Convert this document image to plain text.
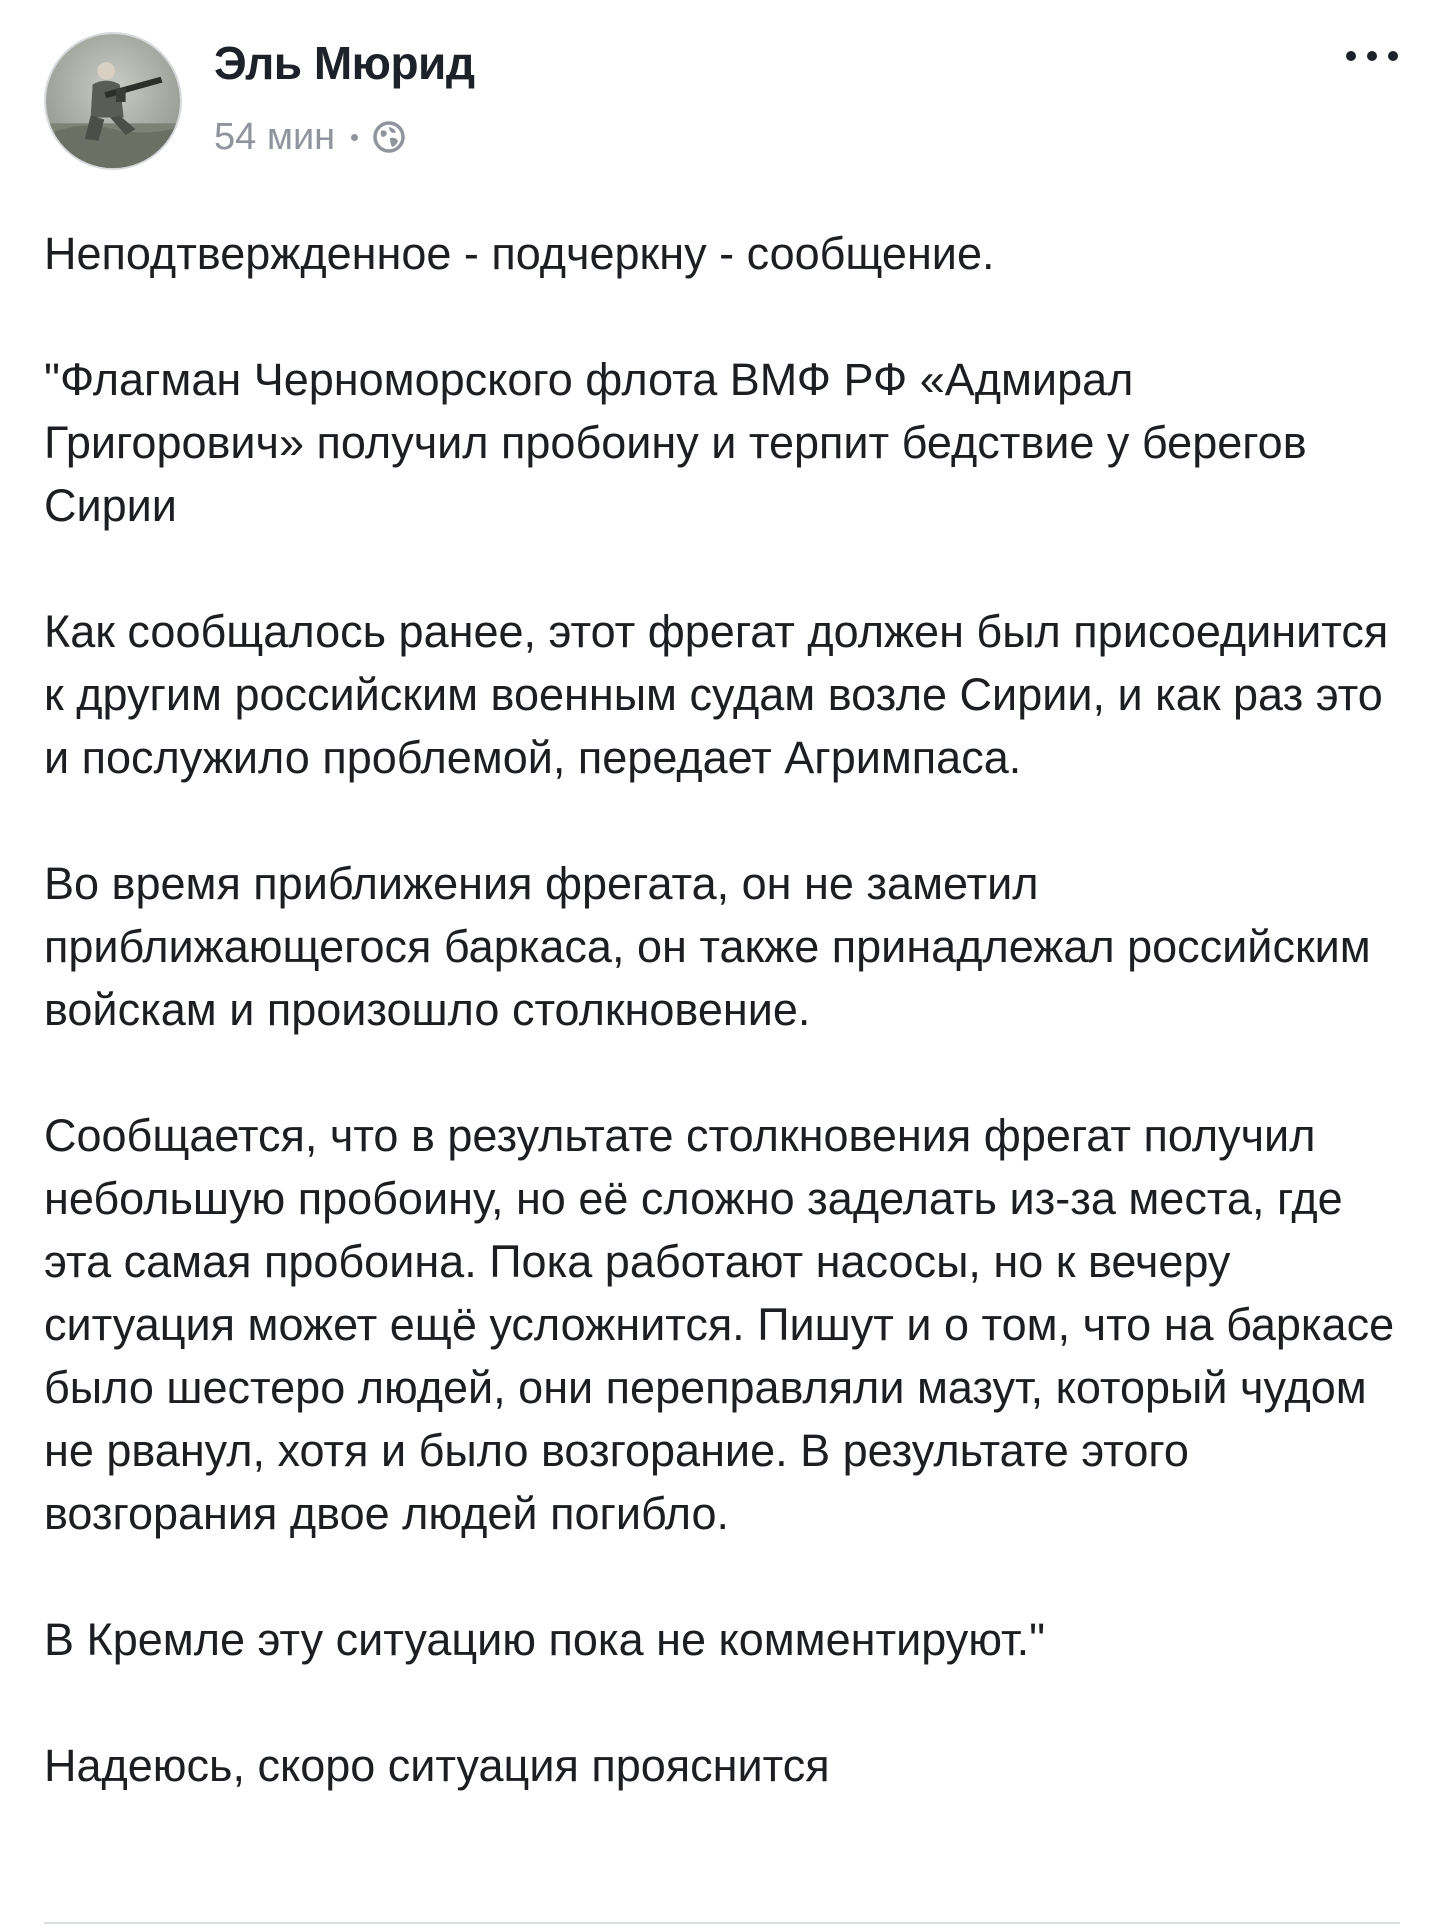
Эль Мюрид
54 мин

Неподтвержденное - подчеркну - сообщение.

"Флагман Черноморского флота ВМФ РФ «Адмирал Григорович» получил пробоину и терпит бедствие у берегов Сирии

Как сообщалось ранее, этот фрегат должен был присоединится к другим российским военным судам возле Сирии, и как раз это и послужило проблемой, передает Агримпаса.

Во время приближения фрегата, он не заметил приближающегося баркаса, он также принадлежал российским войскам и произошло столкновение.

Сообщается, что в результате столкновения фрегат получил небольшую пробоину, но её сложно заделать из-за места, где эта самая пробоина. Пока работают насосы, но к вечеру ситуация может ещё усложнится. Пишут и о том, что на баркасе было шестеро людей, они переправляли мазут, который чудом не рванул, хотя и было возгорание. В результате этого возгорания двое людей погибло.

В Кремле эту ситуацию пока не комментируют."

Надеюсь, скоро ситуация прояснится
